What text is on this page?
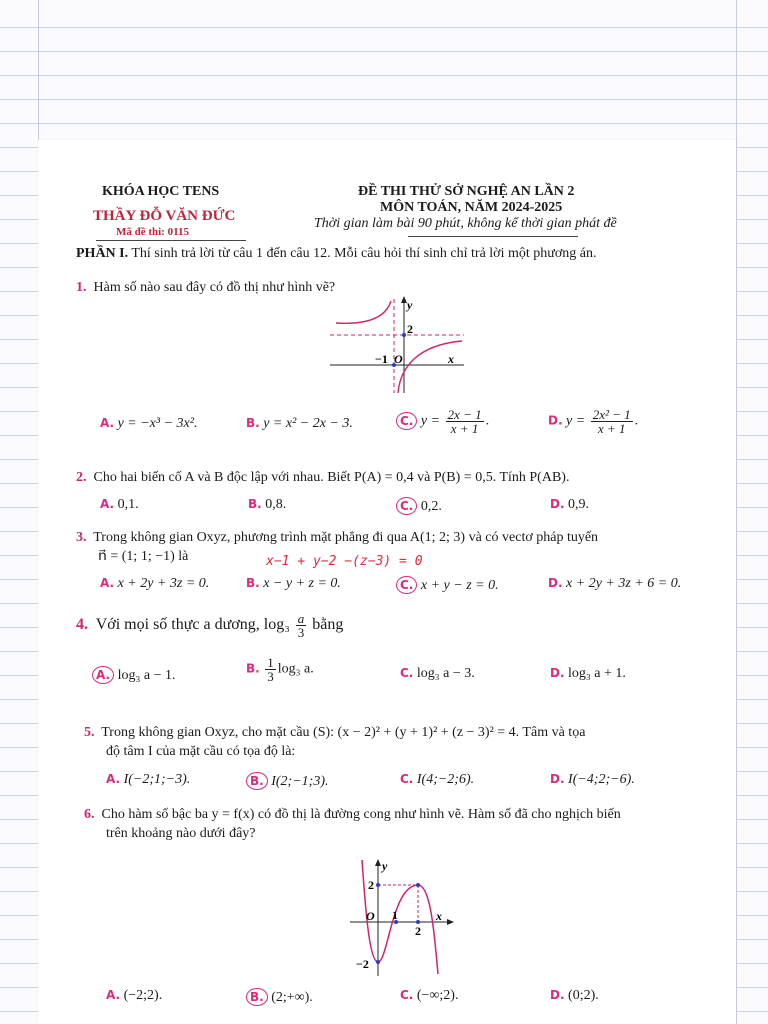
KHÓA HỌC TENS
THẦY ĐỖ VĂN ĐỨC
Mã đề thi: 0115
ĐỀ THI THỬ SỞ NGHỆ AN LẦN 2
MÔN TOÁN, NĂM 2024-2025
Thời gian làm bài 90 phút, không kể thời gian phát đề
PHẦN I. Thí sinh trả lời từ câu 1 đến câu 12. Mỗi câu hỏi thí sinh chỉ trả lời một phương án.
1. Hàm số nào sau đây có đồ thị như hình vẽ?
y
2
−1 O	x
A. y = −x³ − 3x².	B. y = x² − 2x − 3.	C. $y = \frac{2x - 1}{x + 1}$ .	D. $y = \frac{\text{2x² − 1}}{x + 1}$ .
2. Cho hai biến cố A và B độc lập với nhau. Biết P(A) = 0,4 và P(B) = 0,5. Tính P(AB).
A. 0,1.	B. 0,8.	C. 0,2.	D. 0,9.
3. Trong không gian Oxyz, phương trình mặt phẳng đi qua A(1; 2; 3) và có vectơ pháp tuyến
n⃗ = (1; 1; −1) là	x−1 + y−2 −(z−3) = 0
A. x + 2y + 3z = 0.	B. x − y + z = 0.	C. x + y − z = 0.	D. x + 2y + 3z + 6 = 0.
4. Với mọi số thực a dương, $\log_3 \frac{a}{3}$ bằng
A. log₃ a − 1.	B. $\frac{1}{3} \log_3$ a.	C. log₃ a − 3.	D. log₃ a + 1.
5. Trong không gian Oxyz, cho mặt cầu (S): (x − 2)² + (y + 1)² + (z − 3)² = 4. Tâm và tọa
độ tâm I của mặt cầu có tọa độ là:
A. I(−2;1;−3).	B. I(2;−1;3).	C. I(4;−2;6).	D. I(−4;2;−6).
6. Cho hàm số bậc ba y = f(x) có đồ thị là đường cong như hình vẽ. Hàm số đã cho nghịch biến
trên khoảng nào dưới đây?
y
2
O 1
2
x
−2
A. (−2;2).	B. (2;+∞).	C. (−∞;2).	D. (0;2).
